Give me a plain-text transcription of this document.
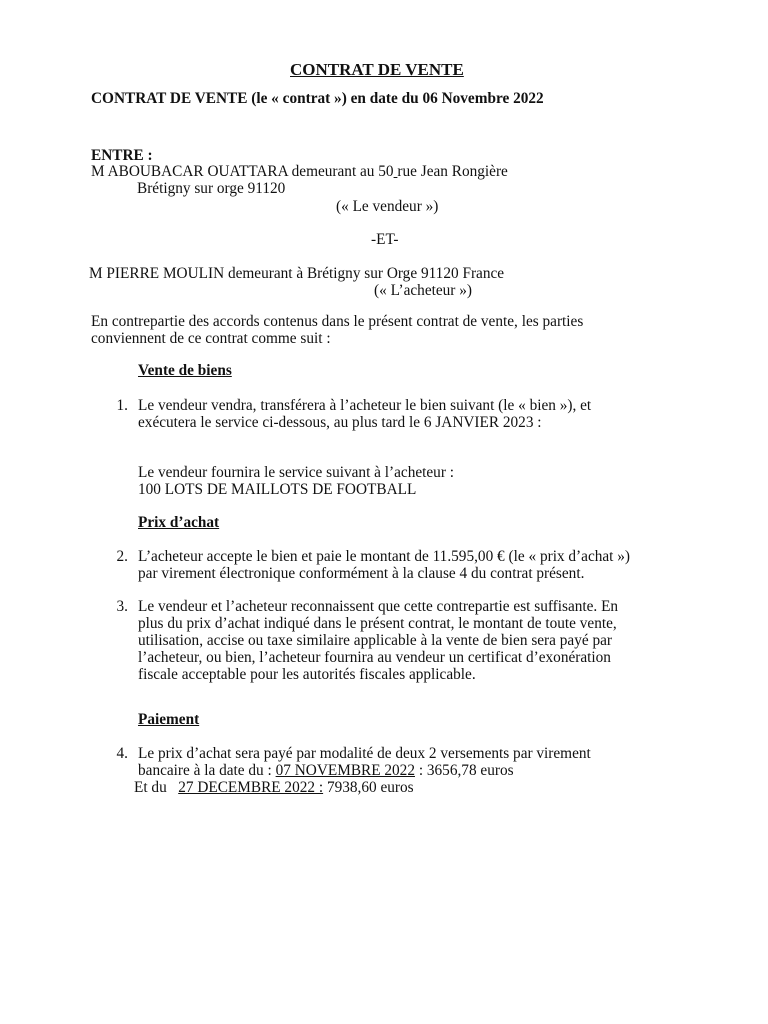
CONTRAT DE VENTE
CONTRAT DE VENTE (le « contrat ») en date du 06 Novembre 2022
ENTRE :
M ABOUBACAR OUATTARA demeurant au 50 rue Jean Rongière
Brétigny sur orge 91120
(« Le vendeur »)
-ET-
M PIERRE MOULIN demeurant à Brétigny sur Orge 91120 France
(« L’acheteur »)
En contrepartie des accords contenus dans le présent contrat de vente, les parties
conviennent de ce contrat comme suit :
Vente de biens
1. Le vendeur vendra, transférera à l’acheteur le bien suivant (le « bien »), et
exécutera le service ci-dessous, au plus tard le 6 JANVIER 2023 :
Le vendeur fournira le service suivant à l’acheteur :
100 LOTS DE MAILLOTS DE FOOTBALL
Prix d’achat
2. L’acheteur accepte le bien et paie le montant de 11.595,00 € (le « prix d’achat »)
par virement électronique conformément à la clause 4 du contrat présent.
3. Le vendeur et l’acheteur reconnaissent que cette contrepartie est suffisante. En
plus du prix d’achat indiqué dans le présent contrat, le montant de toute vente,
utilisation, accise ou taxe similaire applicable à la vente de bien sera payé par
l’acheteur, ou bien, l’acheteur fournira au vendeur un certificat d’exonération
fiscale acceptable pour les autorités fiscales applicable.
Paiement
4. Le prix d’achat sera payé par modalité de deux 2 versements par virement
bancaire à la date du : 07 NOVEMBRE 2022 : 3656,78 euros
Et du 27 DECEMBRE 2022 : 7938,60 euros
